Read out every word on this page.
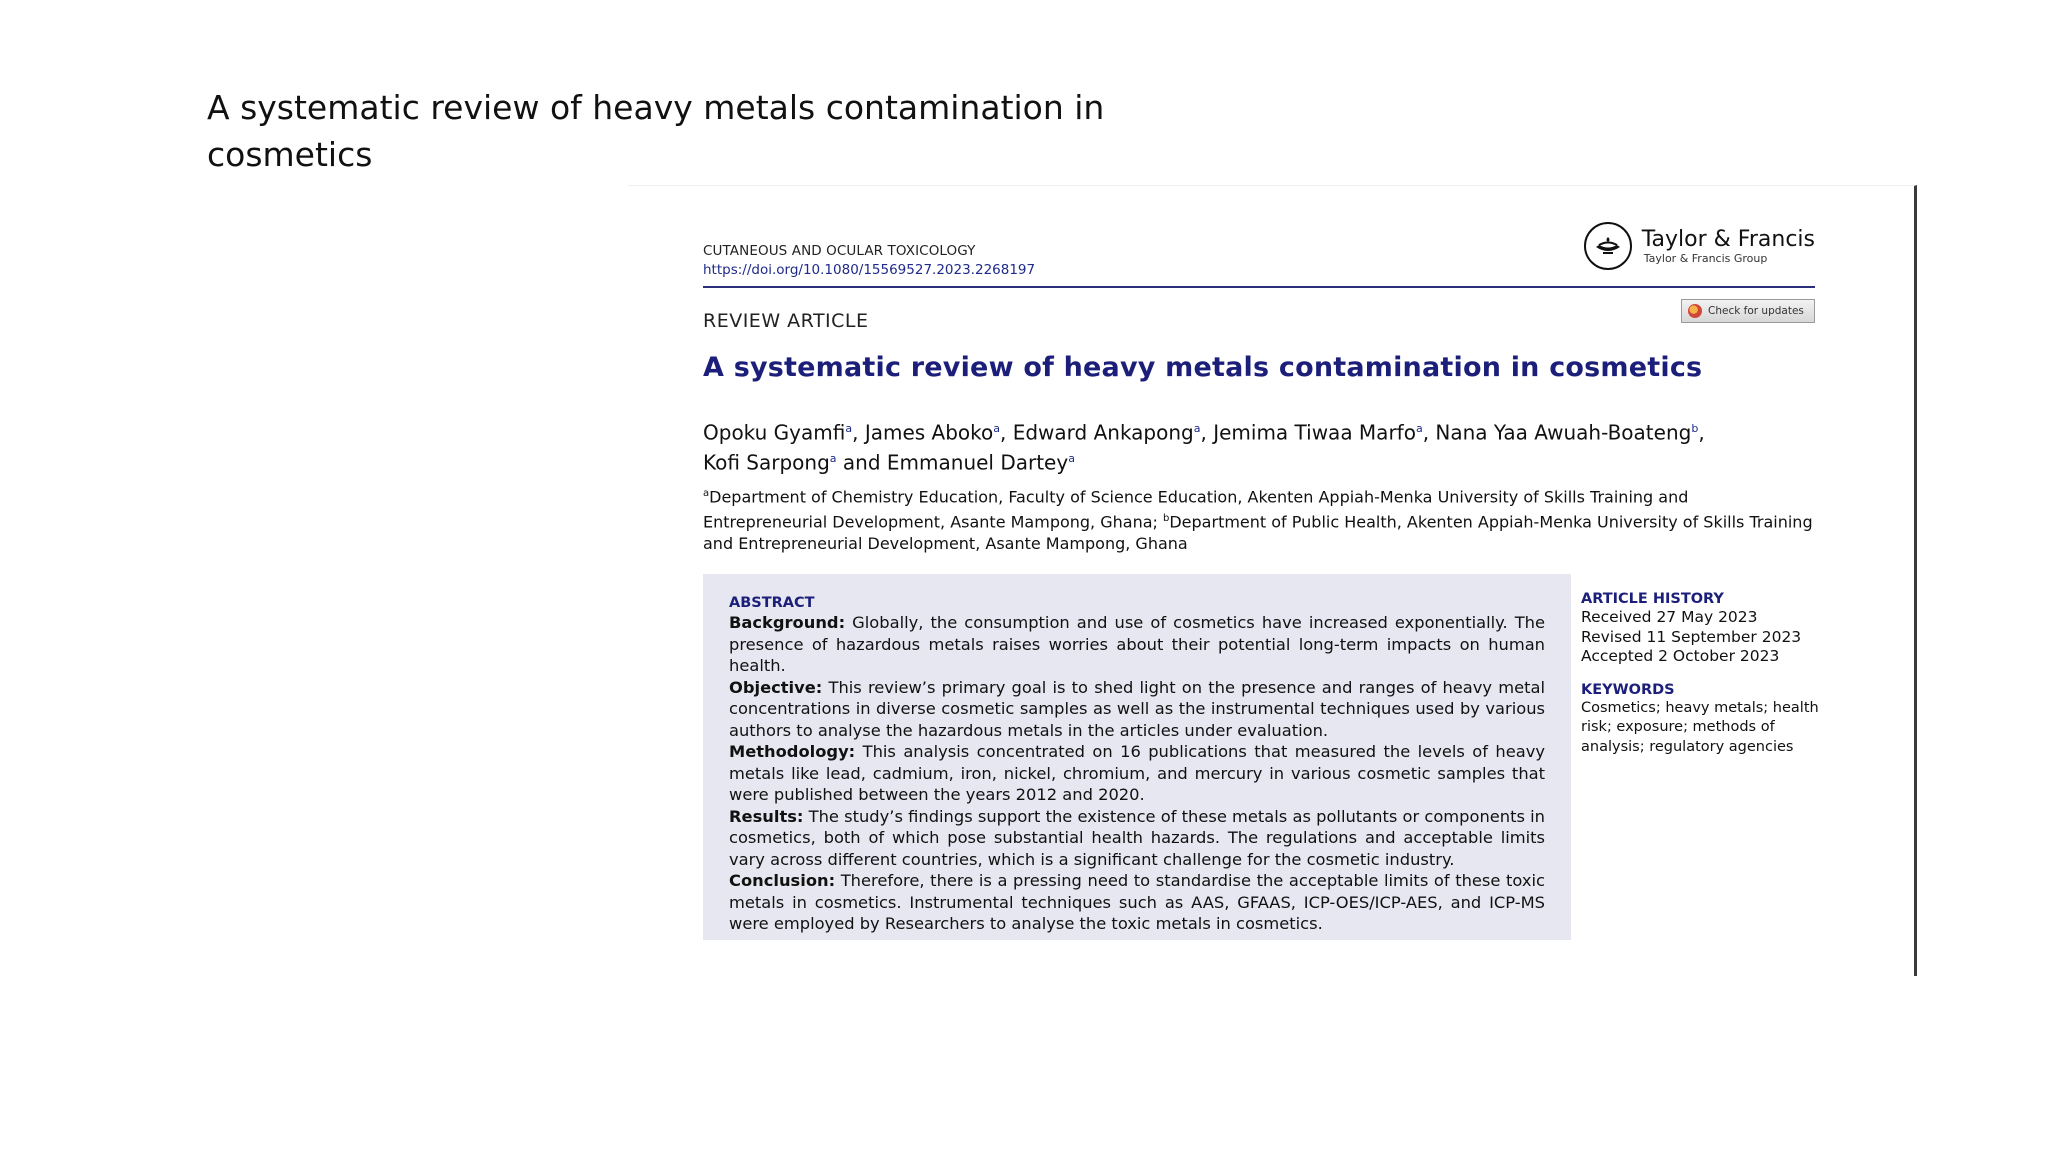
A systematic review of heavy metals contamination in cosmetics
CUTANEOUS AND OCULAR TOXICOLOGY
https://doi.org/10.1080/15569527.2023.2268197
Taylor & Francis
Taylor & Francis Group
Check for updates
REVIEW ARTICLE
A systematic review of heavy metals contamination in cosmetics
Opoku Gyamfi$^a$, James Aboko$^a$, Edward Ankapong$^a$, Jemima Tiwaa Marfo$^a$, Nana Yaa Awuah-Boateng$^b$,
Kofi Sarpong$^a$ and Emmanuel Dartey$^a$
$^a$Department of Chemistry Education, Faculty of Science Education, Akenten Appiah-Menka University of Skills Training and Entrepreneurial Development, Asante Mampong, Ghana; $^b$Department of Public Health, Akenten Appiah-Menka University of Skills Training and Entrepreneurial Development, Asante Mampong, Ghana
ABSTRACT
Background: Globally, the consumption and use of cosmetics have increased exponentially. The presence of hazardous metals raises worries about their potential long-term impacts on human health.
Objective: This review’s primary goal is to shed light on the presence and ranges of heavy metal concentrations in diverse cosmetic samples as well as the instrumental techniques used by various authors to analyse the hazardous metals in the articles under evaluation.
Methodology: This analysis concentrated on 16 publications that measured the levels of heavy metals like lead, cadmium, iron, nickel, chromium, and mercury in various cosmetic samples that were published between the years 2012 and 2020.
Results: The study’s findings support the existence of these metals as pollutants or components in cosmetics, both of which pose substantial health hazards. The regulations and acceptable limits vary across different countries, which is a significant challenge for the cosmetic industry.
Conclusion: Therefore, there is a pressing need to standardise the acceptable limits of these toxic metals in cosmetics. Instrumental techniques such as AAS, GFAAS, ICP-OES/ICP-AES, and ICP-MS were employed by Researchers to analyse the toxic metals in cosmetics.
ARTICLE HISTORY
Received 27 May 2023
Revised 11 September 2023
Accepted 2 October 2023
KEYWORDS
Cosmetics; heavy metals; health risk; exposure; methods of analysis; regulatory agencies
